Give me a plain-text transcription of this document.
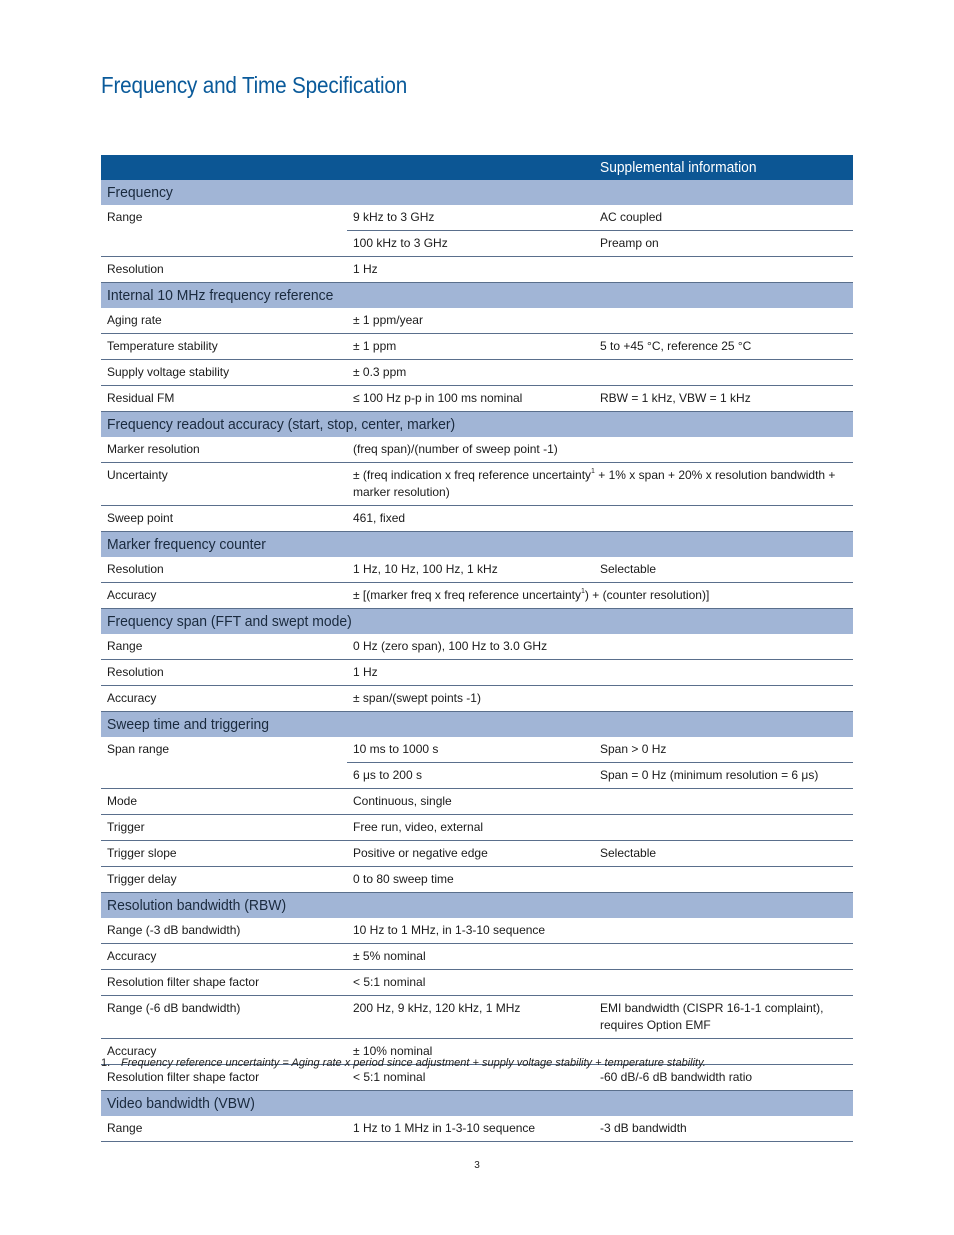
Frequency and Time Specification
		Supplemental information
Frequency		
Range	9 kHz to 3 GHz	AC coupled
	100 kHz to 3 GHz	Preamp on
Resolution	1 Hz	
Internal 10 MHz frequency reference		
Aging rate	± 1 ppm/year	
Temperature stability	± 1 ppm	5 to +45 °C, reference 25 °C
Supply voltage stability	± 0.3 ppm	
Residual FM	≤ 100 Hz p-p in 100 ms nominal	RBW = 1 kHz, VBW = 1 kHz
Frequency readout accuracy (start, stop, center, marker)		
Marker resolution	(freq span)/(number of sweep point -1)	
Uncertainty	± (freq indication x freq reference uncertainty$^1$ + 1% x span + 20% x resolution bandwidth + marker resolution)	
Sweep point	461, fixed	
Marker frequency counter		
Resolution	1 Hz, 10 Hz, 100 Hz, 1 kHz	Selectable
Accuracy	± [(marker freq x freq reference uncertainty$^1$) + (counter resolution)]	
Frequency span (FFT and swept mode)		
Range	0 Hz (zero span), 100 Hz to 3.0 GHz	
Resolution	1 Hz	
Accuracy	± span/(swept points -1)	
Sweep time and triggering		
Span range	10 ms to 1000 s	Span > 0 Hz
	6 μs to 200 s	Span = 0 Hz (minimum resolution = 6 μs)
Mode	Continuous, single	
Trigger	Free run, video, external	
Trigger slope	Positive or negative edge	Selectable
Trigger delay	0 to 80 sweep time	
Resolution bandwidth (RBW)		
Range (-3 dB bandwidth)	10 Hz to 1 MHz, in 1-3-10 sequence	
Accuracy	± 5% nominal	
Resolution filter shape factor	< 5:1 nominal	
Range (-6 dB bandwidth)	200 Hz, 9 kHz, 120 kHz, 1 MHz	EMI bandwidth (CISPR 16-1-1 complaint), requires Option EMF
Accuracy	± 10% nominal	
Resolution filter shape factor	< 5:1 nominal	-60 dB/-6 dB bandwidth ratio
Video bandwidth (VBW)		
Range	1 Hz to 1 MHz in 1-3-10 sequence	-3 dB bandwidth

1. Frequency reference uncertainty = Aging rate x period since adjustment + supply voltage stability + temperature stability.

3
